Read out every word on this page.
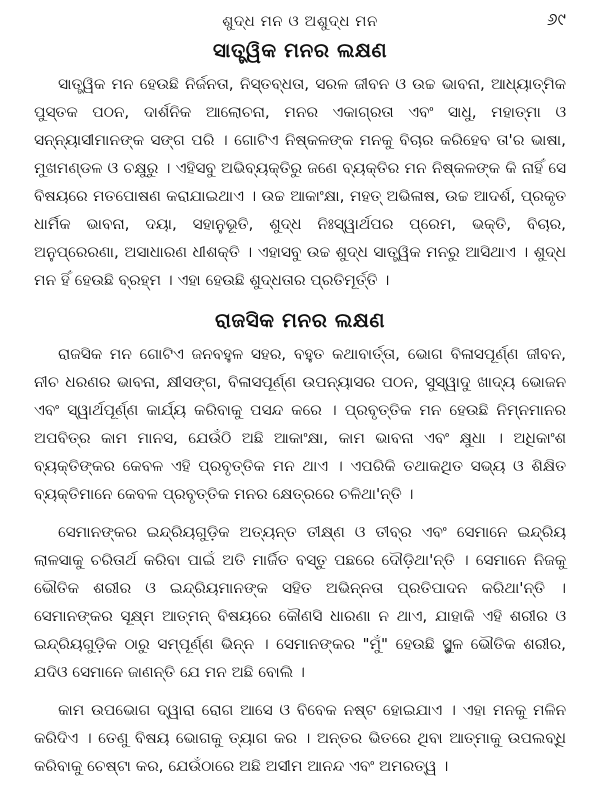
ଶୁଦ୍ଧ ମନ ଓ ଅଶୁଦ୍ଧ ମନ	୬୯
ସାତ୍ତ୍ୱିକ ମନର ଲକ୍ଷଣ

ସାତ୍ତ୍ୱିକ ମନ ହେଉଛି ନିର୍ଜନତା, ନିସ୍ତବ୍ଧତା, ସରଳ ଜୀବନ ଓ ଉଚ୍ଚ ଭାବନା, ଆଧ୍ୟାତ୍ମିକ ପୁସ୍ତକ ପଠନ, ଦାର୍ଶନିକ ଆଲୋଚନା, ମନର ଏକାଗ୍ରତା ଏବଂ ସାଧୁ, ମହାତ୍ମା ଓ ସନ୍ନ୍ୟାସୀମାନଙ୍କ ସଙ୍ଗ ପରି । ଗୋଟିଏ ନିଷ୍କଳଙ୍କ ମନକୁ ବିଚାର କରିହେବ ତା'ର ଭାଷା, ମୁଖମଣ୍ଡଳ ଓ ଚକ୍ଷୁରୁ । ଏହିସବୁ ଅଭିବ୍ୟକ୍ତିରୁ ଜଣେ ବ୍ୟକ୍ତିର ମନ ନିଷ୍କଳଙ୍କ କି ନାହିଁ ସେ ବିଷୟରେ ମତପୋଷଣ କରାଯାଇଥାଏ । ଉଚ୍ଚ ଆକାଂକ୍ଷା, ମହତ୍ ଅଭିଳାଷ, ଉଚ୍ଚ ଆଦର୍ଶ, ପ୍ରକୃତ ଧାର୍ମିକ ଭାବନା, ଦୟା, ସହାନୁଭୂତି, ଶୁଦ୍ଧ ନିଃସ୍ୱାର୍ଥପର ପ୍ରେମ, ଭକ୍ତି, ବିଚାର, ଅନୁପ୍ରେରଣା, ଅସାଧାରଣ ଧୀଶକ୍ତି । ଏହାସବୁ ଉଚ୍ଚ ଶୁଦ୍ଧ ସାତ୍ତ୍ୱିକ ମନରୁ ଆସିଥାଏ । ଶୁଦ୍ଧ ମନ ହିଁ ହେଉଛି ବ୍ରହ୍ମ । ଏହା ହେଉଛି ଶୁଦ୍ଧତାର ପ୍ରତିମୂର୍ତ୍ତି ।

ରାଜସିକ ମନର ଲକ୍ଷଣ

ରାଜସିକ ମନ ଗୋଟିଏ ଜନବହୁଳ ସହର, ବହୁତ କଥାବାର୍ତ୍ତା, ଭୋଗ ବିଳାସପୂର୍ଣ୍ଣ ଜୀବନ, ନୀଚ ଧରଣର ଭାବନା, କ୍ଷୀସଙ୍ଗ, ବିଳାସପୂର୍ଣ୍ଣ ଉପନ୍ୟାସର ପଠନ, ସୁସ୍ୱାଦୁ ଖାଦ୍ୟ ଭୋଜନ ଏବଂ ସ୍ୱାର୍ଥପୂର୍ଣ୍ଣ କାର୍ଯ୍ୟ କରିବାକୁ ପସନ୍ଦ କରେ । ପ୍ରବୃତ୍ତିକ ମନ ହେଉଛି ନିମ୍ନମାନର ଅପବିତ୍ର କାମ ମାନସ, ଯେଉଁଠି ଅଛି ଆକାଂକ୍ଷା, କାମ ଭାବନା ଏବଂ କ୍ଷୁଧା । ଅଧିକାଂଶ ବ୍ୟକ୍ତିଙ୍କର କେବଳ ଏହି ପ୍ରବୃତ୍ତିକ ମନ ଥାଏ । ଏପରିକି ତଥାକଥିତ ସଭ୍ୟ ଓ ଶିକ୍ଷିତ ବ୍ୟକ୍ତିମାନେ କେବଳ ପ୍ରବୃତ୍ତିକ ମନର କ୍ଷେତ୍ରରେ ଚଳିଥା'ନ୍ତି ।

ସେମାନଙ୍କର ଇନ୍ଦ୍ରିୟଗୁଡ଼ିକ ଅତ୍ୟନ୍ତ ତୀକ୍ଷ୍ଣ ଓ ତୀବ୍ର ଏବଂ ସେମାନେ ଇନ୍ଦ୍ରିୟ ଲାଳସାକୁ ଚରିତାର୍ଥ କରିବା ପାଇଁ ଅତି ମାର୍ଜିତ ବସ୍ତୁ ପଛରେ ଦୌଡ଼ିଥା'ନ୍ତି । ସେମାନେ ନିଜକୁ ଭୌତିକ ଶରୀର ଓ ଇନ୍ଦ୍ରିୟମାନଙ୍କ ସହିତ ଅଭିନ୍ନତା ପ୍ରତିପାଦନ କରିଥା'ନ୍ତି । ସେମାନଙ୍କର ସୂକ୍ଷ୍ମ ଆତ୍ମନ୍ ବିଷୟରେ କୌଣସି ଧାରଣା ନ ଥାଏ, ଯାହାକି ଏହି ଶରୀର ଓ ଇନ୍ଦ୍ରିୟଗୁଡ଼ିକ ଠାରୁ ସମ୍ପୂର୍ଣ୍ଣ ଭିନ୍ନ । ସେମାନଙ୍କର "ମୁଁ" ହେଉଛି ସ୍ଥୁଳ ଭୌତିକ ଶରୀର, ଯଦିଓ ସେମାନେ ଜାଣନ୍ତି ଯେ ମନ ଅଛି ବୋଲି ।

କାମ ଉପଭୋଗ ଦ୍ୱାରା ରୋଗ ଆସେ ଓ ବିବେକ ନଷ୍ଟ ହୋଇଯାଏ । ଏହା ମନକୁ ମଳିନ କରିଦିଏ । ତେଣୁ ବିଷୟ ଭୋଗକୁ ତ୍ୟାଗ କର । ଅନ୍ତର ଭିତରେ ଥିବା ଆତ୍ମାକୁ ଉପଲବ୍ଧି କରିବାକୁ ଚେଷ୍ଟା କର, ଯେଉଁଠାରେ ଅଛି ଅସୀମ ଆନନ୍ଦ ଏବଂ ଅମରତ୍ୱ ।
